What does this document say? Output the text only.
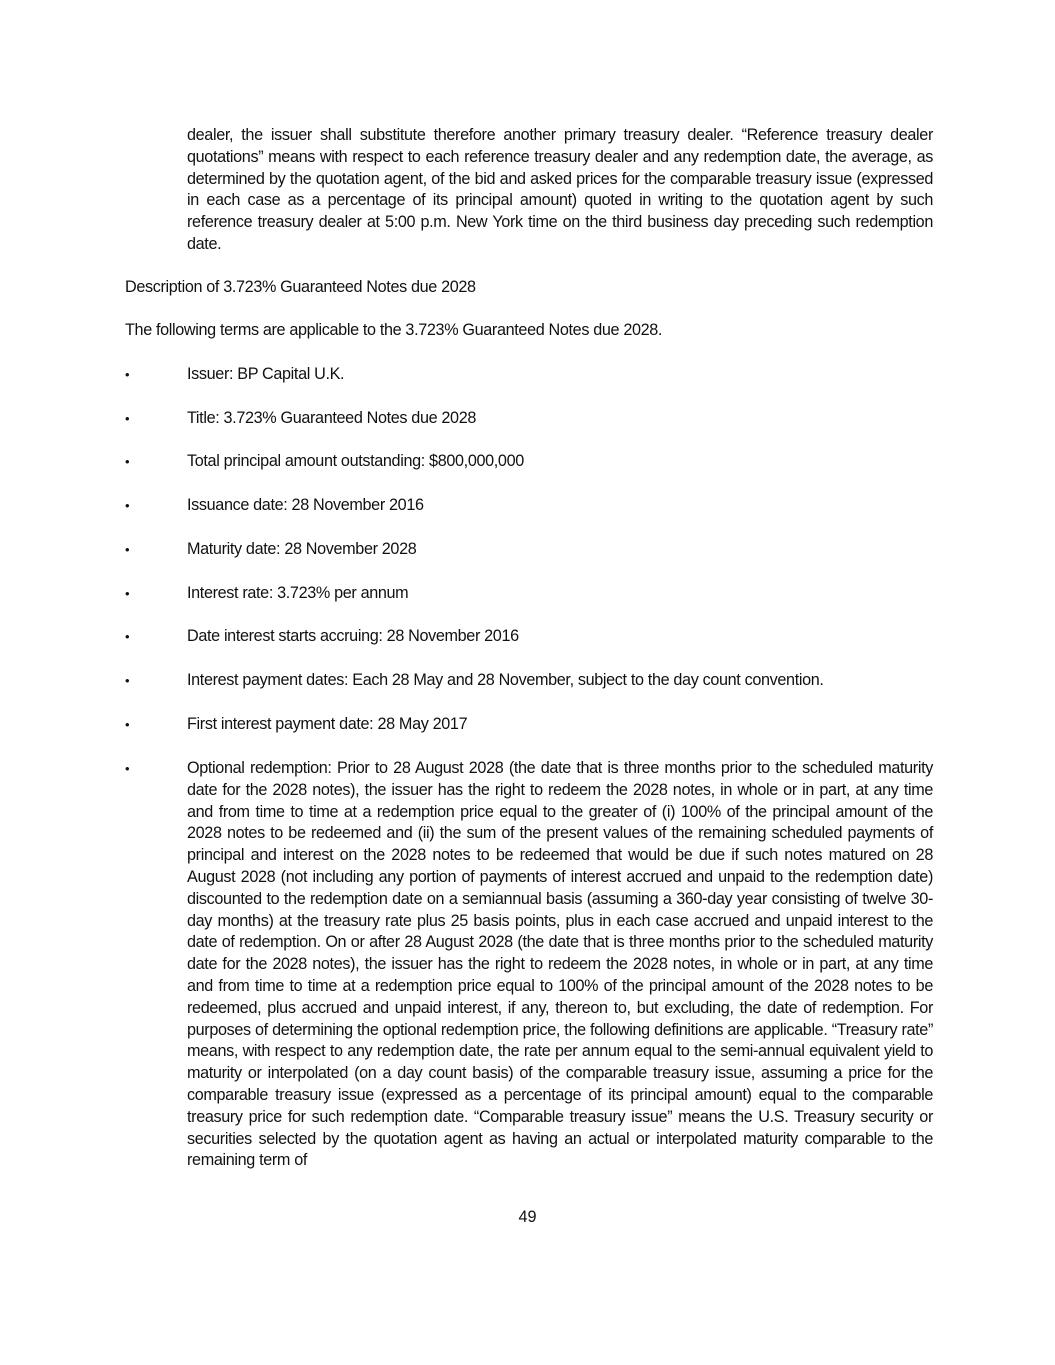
dealer, the issuer shall substitute therefore another primary treasury dealer. “Reference treasury dealer quotations” means with respect to each reference treasury dealer and any redemption date, the average, as determined by the quotation agent, of the bid and asked prices for the comparable treasury issue (expressed in each case as a percentage of its principal amount) quoted in writing to the quotation agent by such reference treasury dealer at 5:00 p.m. New York time on the third business day preceding such redemption date.

Description of 3.723% Guaranteed Notes due 2028

The following terms are applicable to the 3.723% Guaranteed Notes due 2028.

•	Issuer: BP Capital U.K.
•	Title: 3.723% Guaranteed Notes due 2028
•	Total principal amount outstanding: $800,000,000
•	Issuance date: 28 November 2016
•	Maturity date: 28 November 2028
•	Interest rate: 3.723% per annum
•	Date interest starts accruing: 28 November 2016
•	Interest payment dates: Each 28 May and 28 November, subject to the day count convention.
•	First interest payment date: 28 May 2017
•	Optional redemption: Prior to 28 August 2028 (the date that is three months prior to the scheduled maturity date for the 2028 notes), the issuer has the right to redeem the 2028 notes, in whole or in part, at any time and from time to time at a redemption price equal to the greater of (i) 100% of the principal amount of the 2028 notes to be redeemed and (ii) the sum of the present values of the remaining scheduled payments of principal and interest on the 2028 notes to be redeemed that would be due if such notes matured on 28 August 2028 (not including any portion of payments of interest accrued and unpaid to the redemption date) discounted to the redemption date on a semiannual basis (assuming a 360-day year consisting of twelve 30-day months) at the treasury rate plus 25 basis points, plus in each case accrued and unpaid interest to the date of redemption. On or after 28 August 2028 (the date that is three months prior to the scheduled maturity date for the 2028 notes), the issuer has the right to redeem the 2028 notes, in whole or in part, at any time and from time to time at a redemption price equal to 100% of the principal amount of the 2028 notes to be redeemed, plus accrued and unpaid interest, if any, thereon to, but excluding, the date of redemption. For purposes of determining the optional redemption price, the following definitions are applicable. “Treasury rate” means, with respect to any redemption date, the rate per annum equal to the semi-annual equivalent yield to maturity or interpolated (on a day count basis) of the comparable treasury issue, assuming a price for the comparable treasury issue (expressed as a percentage of its principal amount) equal to the comparable treasury price for such redemption date. “Comparable treasury issue” means the U.S. Treasury security or securities selected by the quotation agent as having an actual or interpolated maturity comparable to the remaining term of

49
